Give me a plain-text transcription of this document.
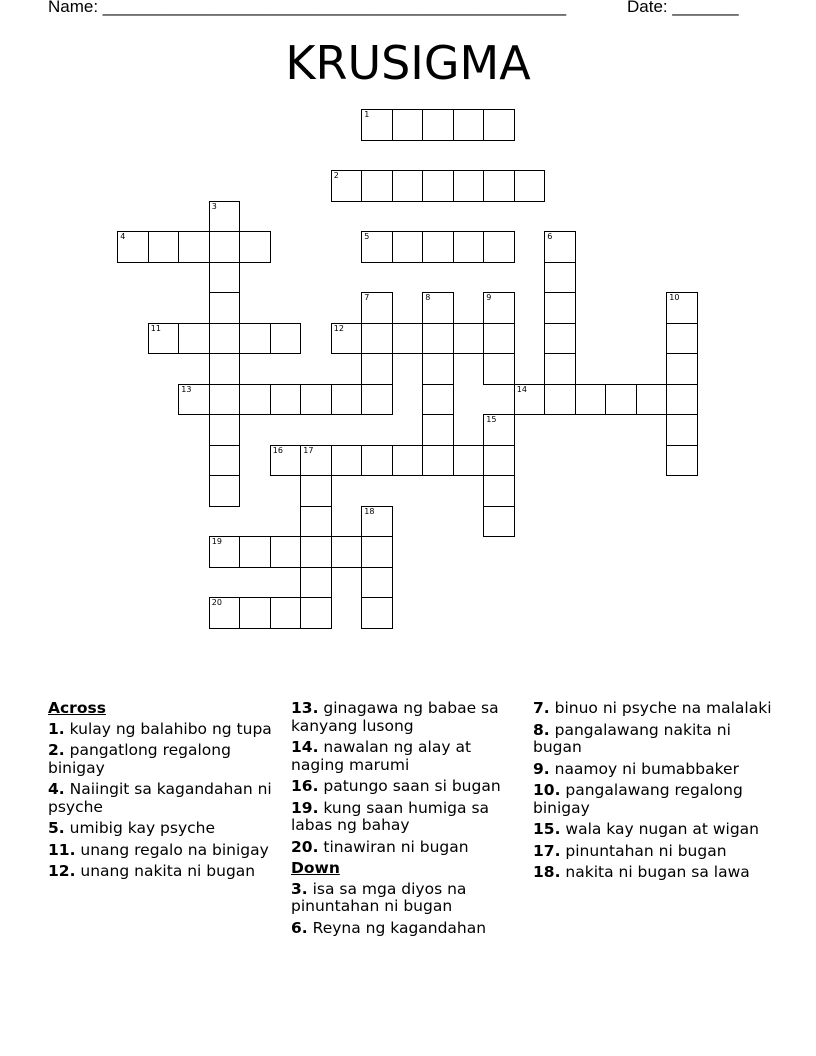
Name: _________________________________________________	Date: _______
KRUSIGMA
1
2
4	5
11	12
13	14
16	17
19
20
3
6
7	8	9	10
15
18
Across
1. kulay ng balahibo ng tupa
2. pangatlong regalong binigay
4. Naiingit sa kagandahan ni psyche
5. umibig kay psyche
11. unang regalo na binigay
12. unang nakita ni bugan
13. ginagawa ng babae sa kanyang lusong
14. nawalan ng alay at naging marumi
16. patungo saan si bugan
19. kung saan humiga sa labas ng bahay
20. tinawiran ni bugan
Down
3. isa sa mga diyos na pinuntahan ni bugan
6. Reyna ng kagandahan
7. binuo ni psyche na malalaki
8. pangalawang nakita ni bugan
9. naamoy ni bumabbaker
10. pangalawang regalong binigay
15. wala kay nugan at wigan
17. pinuntahan ni bugan
18. nakita ni bugan sa lawa
